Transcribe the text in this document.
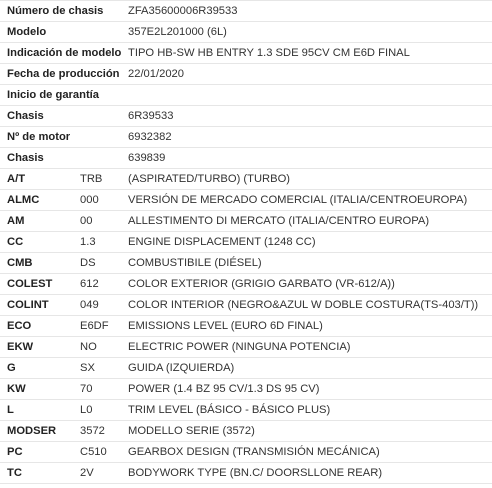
Número de chasis		ZFA35600006R39533
Modelo		357E2L201000 (6L)
Indicación de modelo		TIPO HB-SW HB ENTRY 1.3 SDE 95CV CM E6D FINAL
Fecha de producción		22/01/2020
Inicio de garantía		
Chasis		6R39533
Nº de motor		6932382
Chasis		639839
A/T	TRB	(ASPIRATED/TURBO) (TURBO)
ALMC	000	VERSIÓN DE MERCADO COMERCIAL (ITALIA/CENTROEUROPA)
AM	00	ALLESTIMENTO DI MERCATO (ITALIA/CENTRO EUROPA)
CC	1.3	ENGINE DISPLACEMENT (1248 CC)
CMB	DS	COMBUSTIBILE (DIÉSEL)
COLEST	612	COLOR EXTERIOR (GRIGIO GARBATO (VR-612/A))
COLINT	049	COLOR INTERIOR (NEGRO&AZUL W DOBLE COSTURA(TS-403/T))
ECO	E6DF	EMISSIONS LEVEL (EURO 6D FINAL)
EKW	NO	ELECTRIC POWER (NINGUNA POTENCIA)
G	SX	GUIDA (IZQUIERDA)
KW	70	POWER (1.4 BZ 95 CV/1.3 DS 95 CV)
L	L0	TRIM LEVEL (BÁSICO - BÁSICO PLUS)
MODSER	3572	MODELLO SERIE (3572)
PC	C510	GEARBOX DESIGN (TRANSMISIÓN MECÁNICA)
TC	2V	BODYWORK TYPE (BN.C/ DOORSLLONE REAR)
